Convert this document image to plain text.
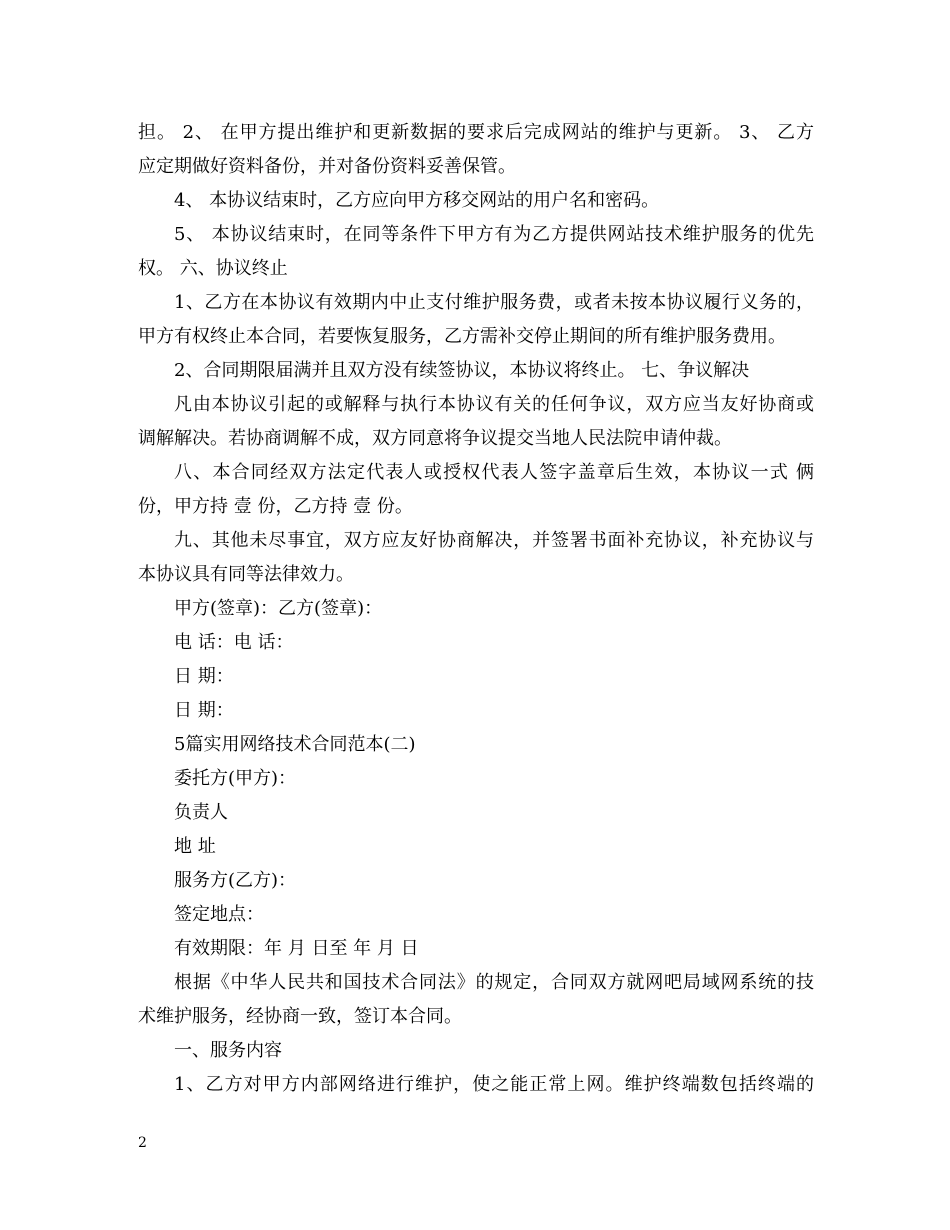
担。 2、 在甲方提出维护和更新数据的要求后完成网站的维护与更新。 3、 乙方
应定期做好资料备份，并对备份资料妥善保管。
4、 本协议结束时，乙方应向甲方移交网站的用户名和密码。
5、 本协议结束时，在同等条件下甲方有为乙方提供网站技术维护服务的优先
权。 六、协议终止
1、乙方在本协议有效期内中止支付维护服务费，或者未按本协议履行义务的，
甲方有权终止本合同，若要恢复服务，乙方需补交停止期间的所有维护服务费用。
2、合同期限届满并且双方没有续签协议，本协议将终止。 七、争议解决
凡由本协议引起的或解释与执行本协议有关的任何争议，双方应当友好协商或
调解解决。若协商调解不成，双方同意将争议提交当地人民法院申请仲裁。
八、本合同经双方法定代表人或授权代表人签字盖章后生效，本协议一式 俩
份，甲方持 壹 份，乙方持 壹 份。
九、其他未尽事宜，双方应友好协商解决，并签署书面补充协议，补充协议与
本协议具有同等法律效力。
甲方(签章)：乙方(签章)：
电 话：电 话：
日 期：
日 期：
5篇实用网络技术合同范本(二)
委托方(甲方)：
负责人
地 址
服务方(乙方)：
签定地点：
有效期限：年 月 日至 年 月 日
根据《中华人民共和国技术合同法》的规定，合同双方就网吧局域网系统的技
术维护服务，经协商一致，签订本合同。
一、服务内容
1、乙方对甲方内部网络进行维护，使之能正常上网。维护终端数包括终端的
2
